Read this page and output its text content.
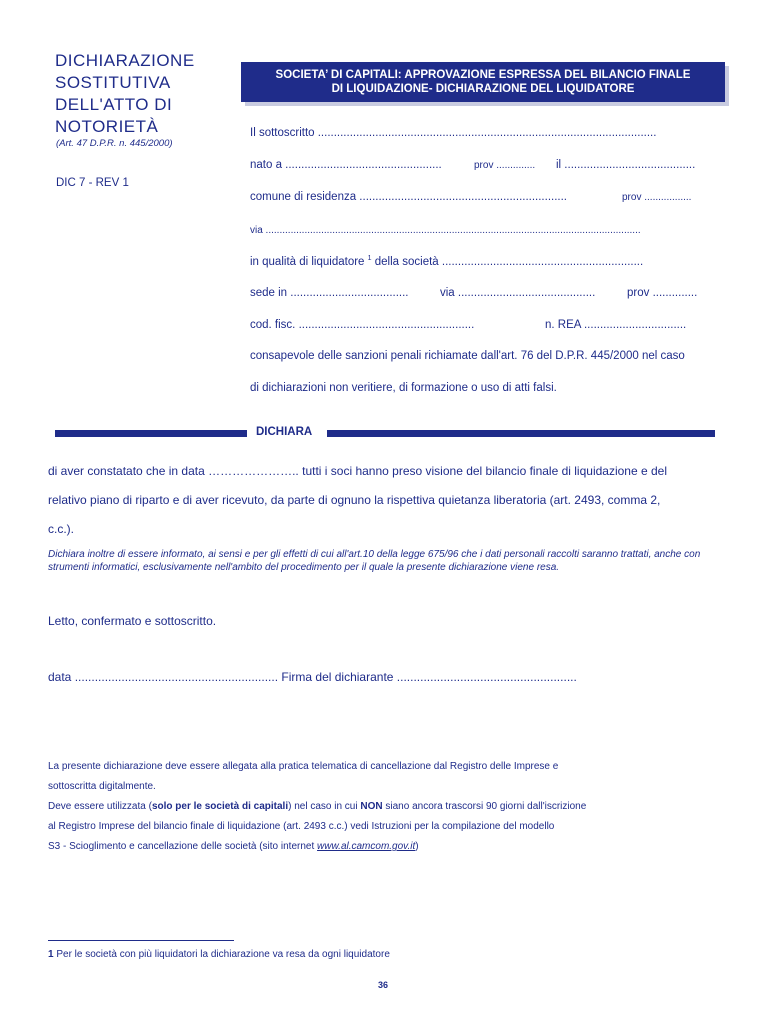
DICHIARAZIONE
SOSTITUTIVA
DELL'ATTO DI
NOTORIETÀ
(Art. 47 D.P.R. n. 445/2000)
DIC 7 - REV 1
SOCIETA’ DI CAPITALI: APPROVAZIONE ESPRESSA DEL BILANCIO FINALE
DI LIQUIDAZIONE- DICHIARAZIONE DEL LIQUIDATORE
Il sottoscritto ..........................................................................................................
nato a .................................................	prov .............. il .........................................
comune di residenza .................................................................	prov .................
via .......................................................................................................................................
in qualità di liquidatore $^1$ della società ...............................................................
sede in .....................................	via ...........................................	prov ..............
cod. fisc. .......................................................	n. REA ................................
consapevole delle sanzioni penali richiamate dall'art. 76 del D.P.R. 445/2000 nel caso
di dichiarazioni non veritiere, di formazione o uso di atti falsi.
DICHIARA
di aver constatato che in data ………………….. tutti i soci hanno preso visione del bilancio finale di liquidazione e del
relativo piano di riparto e di aver ricevuto, da parte di ognuno la rispettiva quietanza liberatoria (art. 2493, comma 2,
c.c.).
Dichiara inoltre di essere informato, ai sensi e per gli effetti di cui all'art.10 della legge 675/96 che i dati personali raccolti saranno trattati, anche con strumenti informatici, esclusivamente nell'ambito del procedimento per il quale la presente dichiarazione viene resa.
Letto, confermato e sottoscritto.
data ............................................................. Firma del dichiarante ......................................................
La presente dichiarazione deve essere allegata alla pratica telematica di cancellazione dal Registro delle Imprese e
sottoscritta digitalmente.
Deve essere utilizzata (solo per le società di capitali) nel caso in cui NON siano ancora trascorsi 90 giorni dall'iscrizione
al Registro Imprese del bilancio finale di liquidazione (art. 2493 c.c.) vedi Istruzioni per la compilazione del modello
S3 - Scioglimento e cancellazione delle società (sito internet www.al.camcom.gov.it)
1 Per le società con più liquidatori la dichiarazione va resa da ogni liquidatore
36
